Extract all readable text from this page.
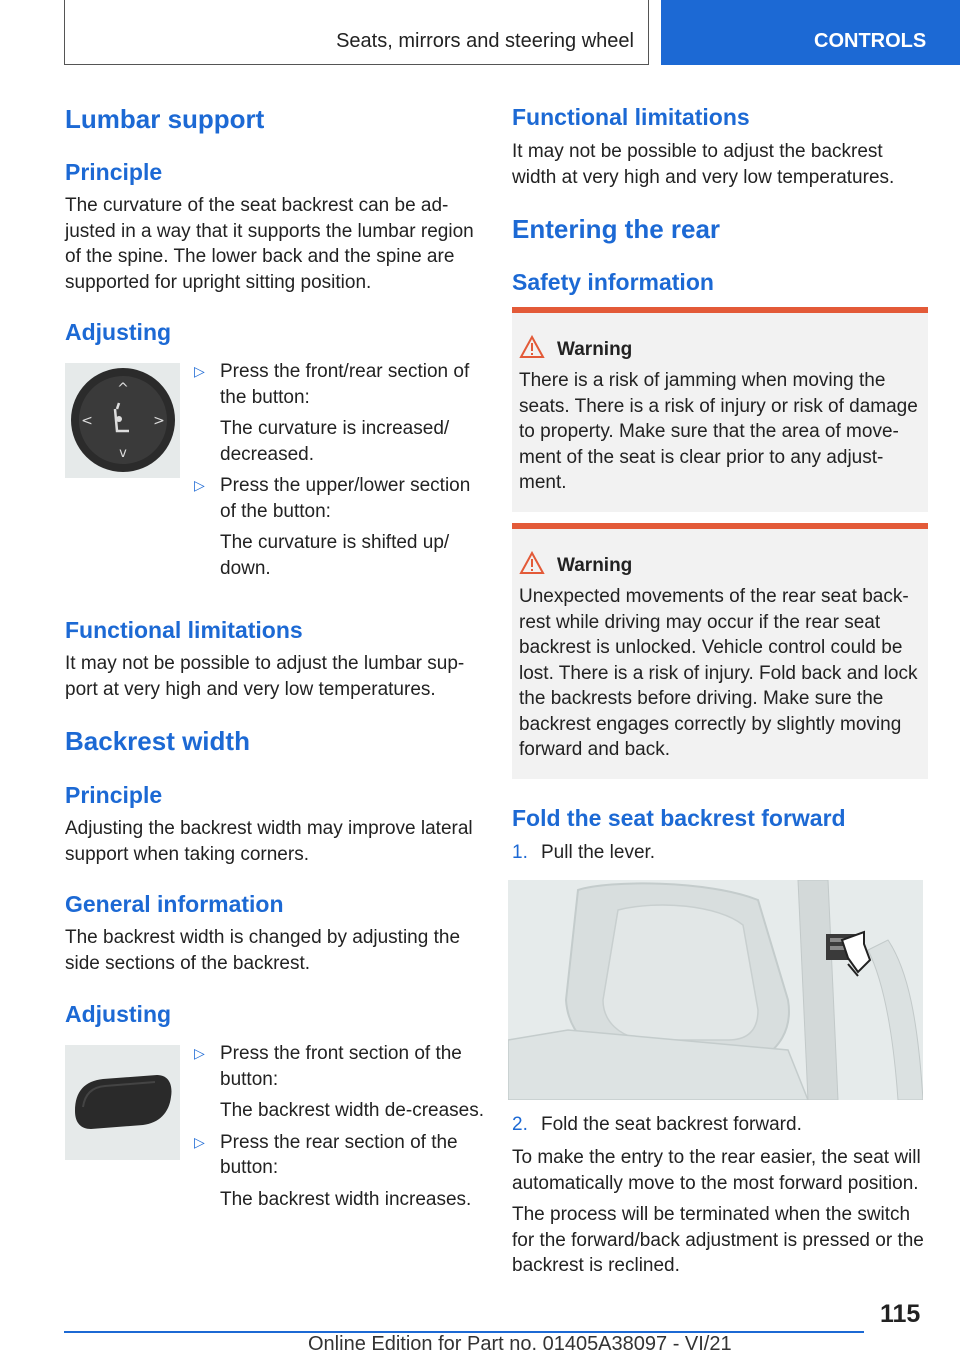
Seats, mirrors and steering wheel	CONTROLS
Lumbar support
Principle

The curvature of the seat backrest can be ad-justed in a way that it supports the lumbar region of the spine. The lower back and the spine are supported for upright sitting position.

Adjusting
^
v
<	>
▷ Press the front/rear section of the button:
The curvature is increased/ decreased.
▷ Press the upper/lower section of the button:
The curvature is shifted up/ down.
Functional limitations

It may not be possible to adjust the lumbar sup-port at very high and very low temperatures.

Backrest width
Principle

Adjusting the backrest width may improve lateral support when taking corners.

General information

The backrest width is changed by adjusting the side sections of the backrest.

Adjusting
▷ Press the front section of the button:
The backrest width de-creases.
▷ Press the rear section of the button:
The backrest width increases.
Functional limitations

It may not be possible to adjust the backrest width at very high and very low temperatures.

Entering the rear
Safety information
Warning
There is a risk of jamming when moving the seats. There is a risk of injury or risk of damage to property. Make sure that the area of move-ment of the seat is clear prior to any adjust-ment.
Warning
Unexpected movements of the rear seat back-rest while driving may occur if the rear seat backrest is unlocked. Vehicle control could be lost. There is a risk of injury. Fold back and lock the backrests before driving. Make sure the backrest engages correctly by slightly moving forward and back.
Fold the seat backrest forward
1. Pull the lever.
2. Fold the seat backrest forward.

To make the entry to the rear easier, the seat will automatically move to the most forward position.

The process will be terminated when the switch for the forward/back adjustment is pressed or the backrest is reclined.

115
Online Edition for Part no. 01405A38097 - VI/21
